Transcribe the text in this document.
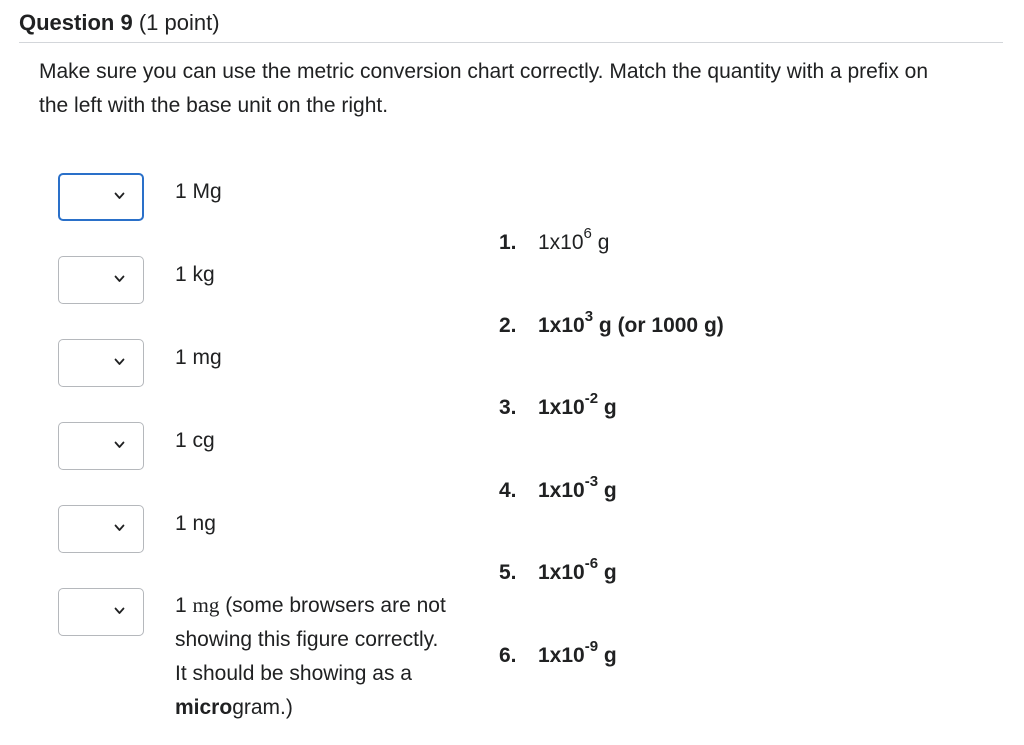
Question 9 (1 point)
Make sure you can use the metric conversion chart correctly. Match the quantity with a prefix on the left with the base unit on the right.
1 Mg
1 kg
1 mg
1 cg
1 ng
1 mg (some browsers are not showing this figure correctly. It should be showing as a microgram.)
1. $1x10^6$ g
2. $1x10^3$ g (or 1000 g)
3. $1x10^{-2}$ g
4. $1x10^{-3}$ g
5. $1x10^{-6}$ g
6. $1x10^{-9}$ g
